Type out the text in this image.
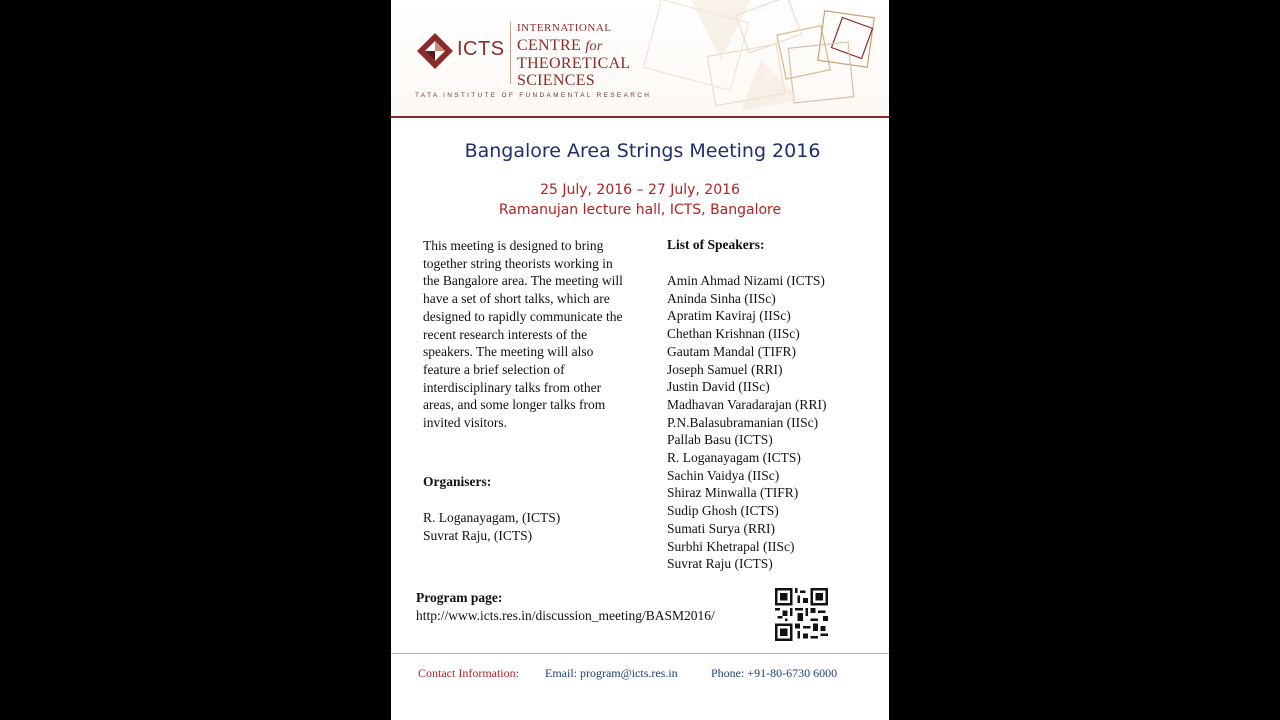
ICTS
INTERNATIONAL
CENTRE for
THEORETICAL
SCIENCES
TATA INSTITUTE OF FUNDAMENTAL RESEARCH
Bangalore Area Strings Meeting 2016
25 July, 2016 – 27 July, 2016
Ramanujan lecture hall, ICTS, Bangalore
This meeting is designed to bring together string theorists working in the Bangalore area. The meeting will have a set of short talks, which are designed to rapidly communicate the recent research interests of the speakers. The meeting will also feature a brief selection of interdisciplinary talks from other areas, and some longer talks from invited visitors.
Organisers:
R. Loganayagam, (ICTS)
Suvrat Raju, (ICTS)
List of Speakers:
Amin Ahmad Nizami (ICTS)
Aninda Sinha (IISc)
Apratim Kaviraj (IISc)
Chethan Krishnan (IISc)
Gautam Mandal (TIFR)
Joseph Samuel (RRI)
Justin David (IISc)
Madhavan Varadarajan (RRI)
P.N.Balasubramanian (IISc)
Pallab Basu (ICTS)
R. Loganayagam (ICTS)
Sachin Vaidya (IISc)
Shiraz Minwalla (TIFR)
Sudip Ghosh (ICTS)
Sumati Surya (RRI)
Surbhi Khetrapal (IISc)
Suvrat Raju (ICTS)
Program page:
http://www.icts.res.in/discussion_meeting/BASM2016/
Contact Information: Email: program@icts.res.in	Phone: +91-80-6730 6000
